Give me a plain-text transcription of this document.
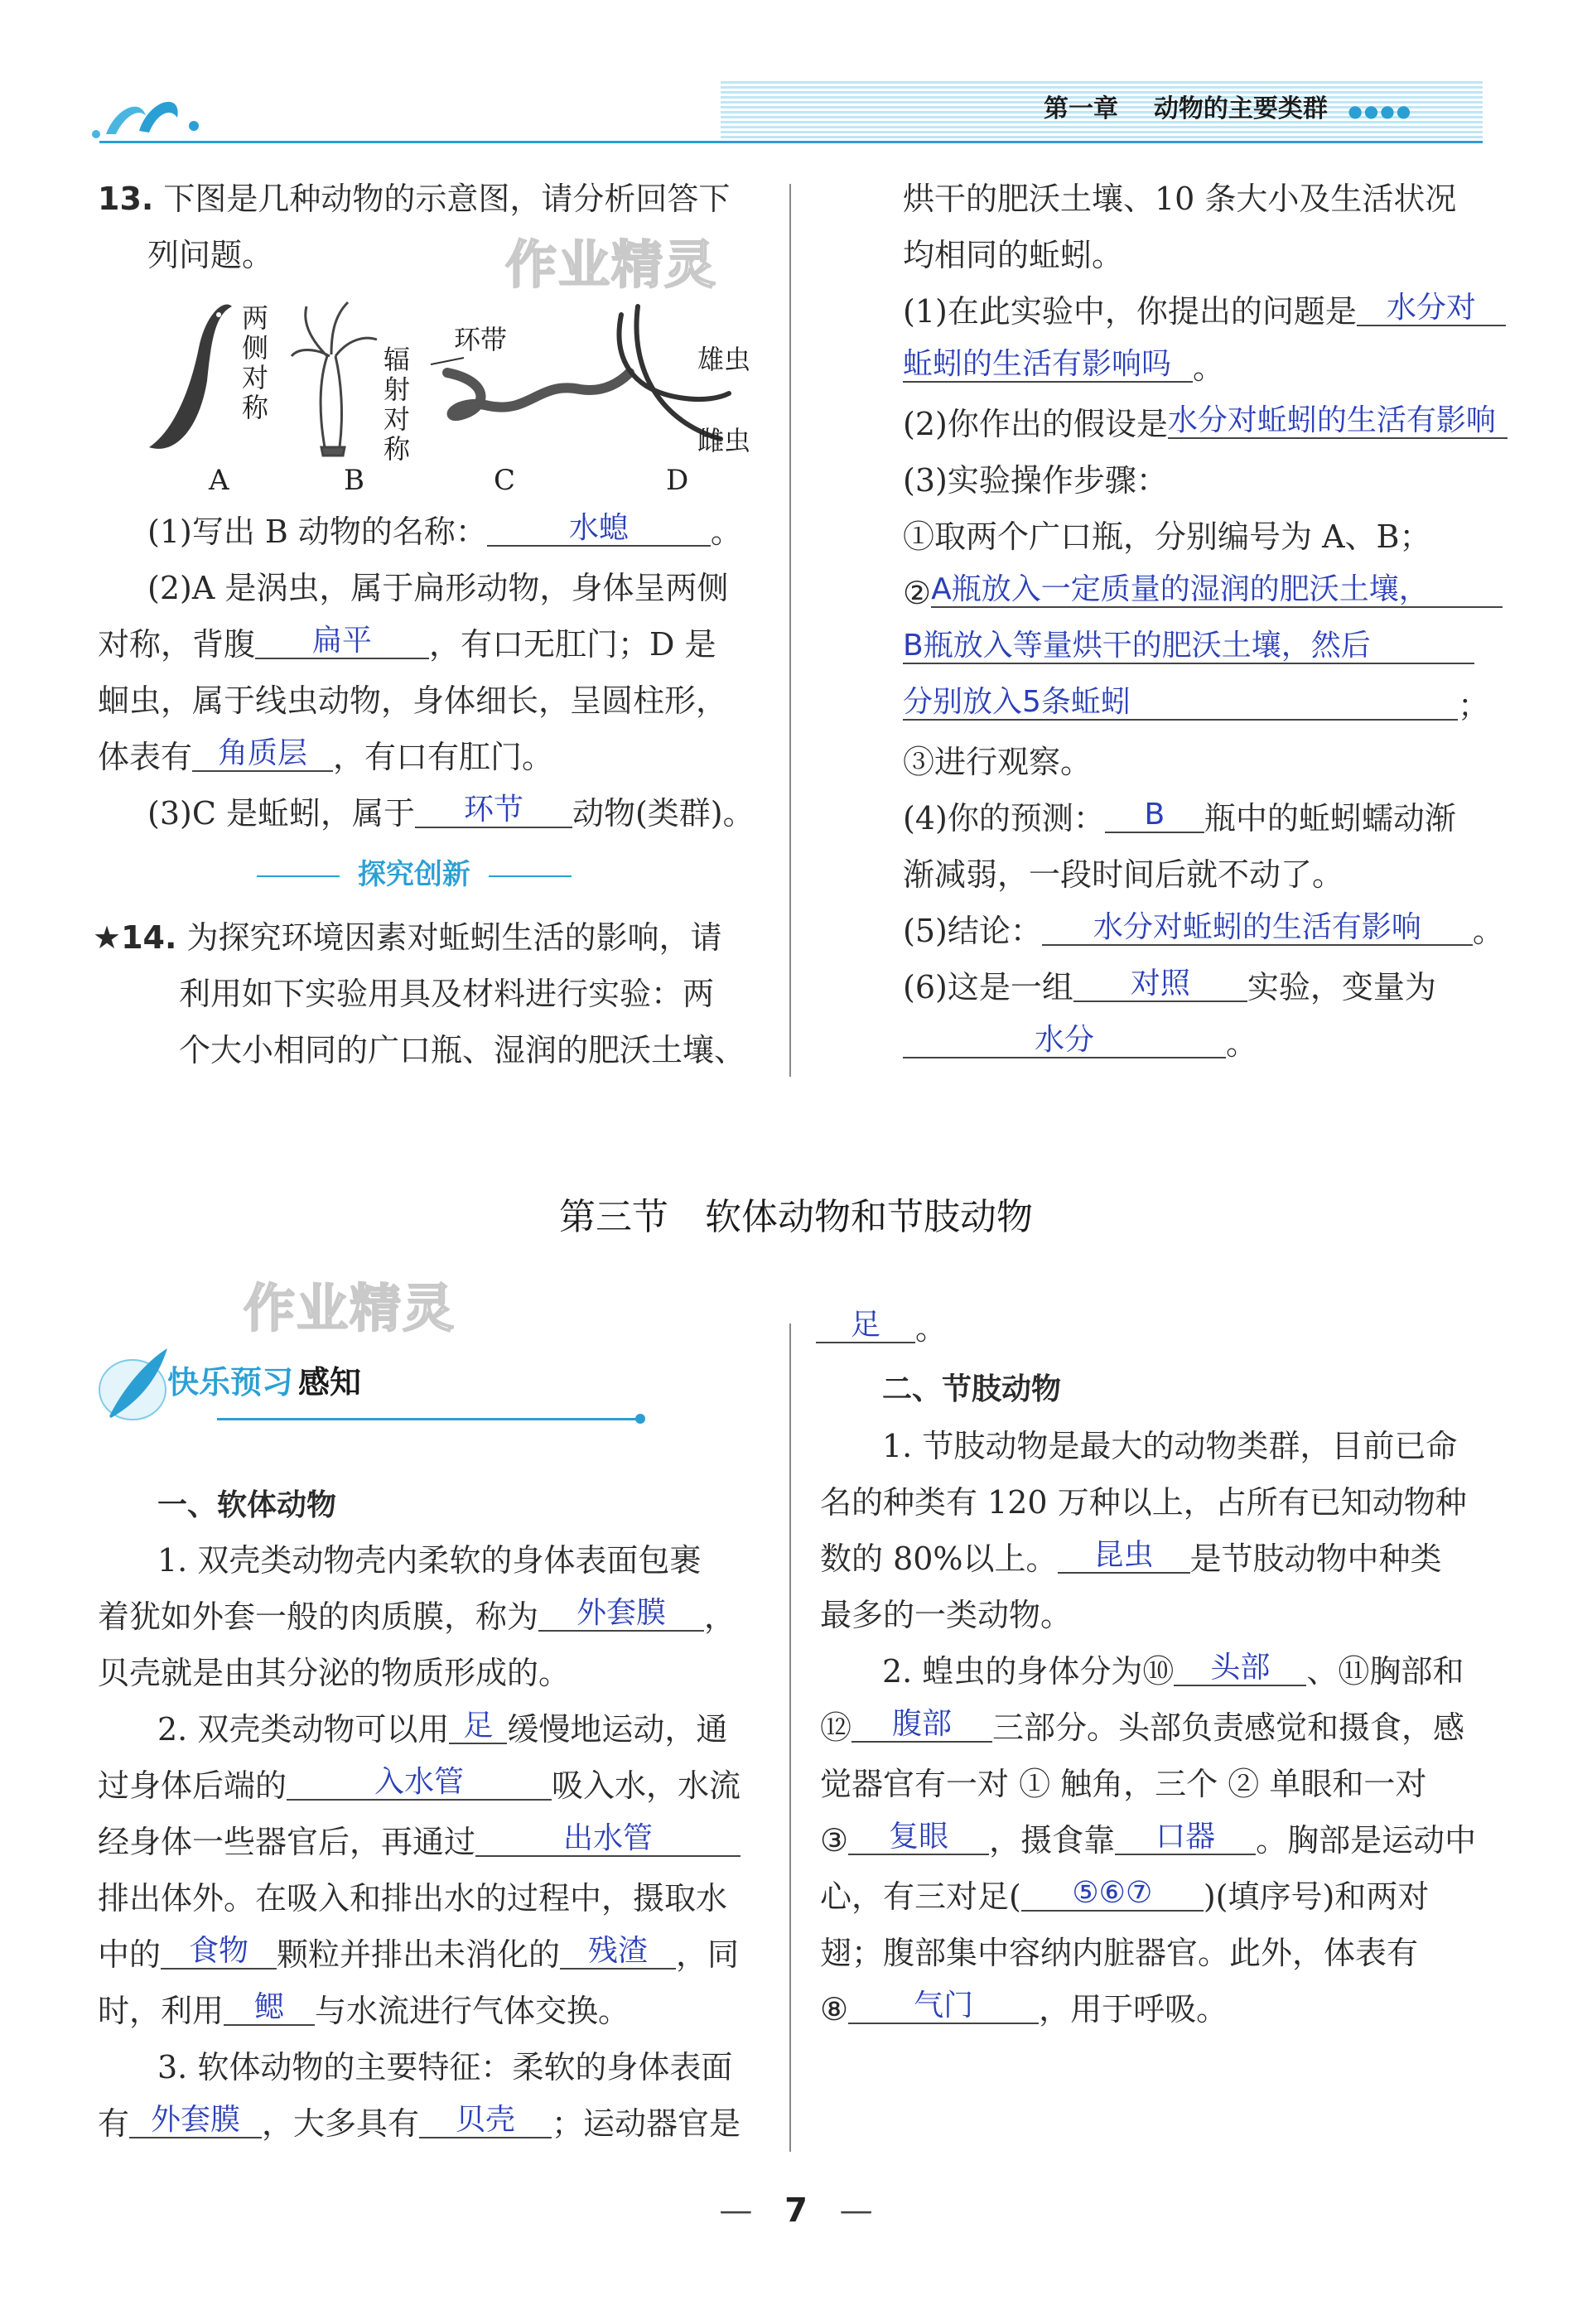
第一章 动物的主要类群 ●●●●
作业精灵
作业精灵
13. 下图是几种动物的示意图，请分析回答下
列问题。
两侧对称
辐射对称
环带
雄虫
雌虫
A	B	C	D
(1)写出 B 动物的名称：	水螅	。
(2)A 是涡虫，属于扁形动物，身体呈两侧
对称，背腹 扁平 ，有口无肛门；D 是
蛔虫，属于线虫动物，身体细长，呈圆柱形，
体表有 角质层 ，有口有肛门。
(3)C 是蚯蚓，属于 环节 动物(类群)。
探究创新
★14. 为探究环境因素对蚯蚓生活的影响，请
利用如下实验用具及材料进行实验：两
个大小相同的广口瓶、湿润的肥沃土壤、
烘干的肥沃土壤、10 条大小及生活状况
均相同的蚯蚓。
(1)在此实验中，你提出的问题是 水分对
蚯蚓的生活有影响吗 。
(2)你作出的假设是水分对蚯蚓的生活有影响
(3)实验操作步骤：
①取两个广口瓶，分别编号为 A、B；
②A瓶放入一定质量的湿润的肥沃土壤，
B瓶放入等量烘干的肥沃土壤，然后
分别放入5条蚯蚓	；
③进行观察。
(4)你的预测： B 瓶中的蚯蚓蠕动渐
渐减弱，一段时间后就不动了。
(5)结论： 水分对蚯蚓的生活有影响 。
(6)这是一组 对照 实验，变量为
水分	。
第三节　软体动物和节肢动物
快乐预习 感知
一、软体动物
1. 双壳类动物壳内柔软的身体表面包裹
着犹如外套一般的肉质膜，称为 外套膜 ，
贝壳就是由其分泌的物质形成的。
2. 双壳类动物可以用 足 缓慢地运动，通
过身体后端的	入水管	吸入水，水流
经身体一些器官后，再通过	出水管
排出体外。在吸入和排出水的过程中，摄取水
中的 食物 颗粒并排出未消化的 残渣 ，同
时，利用 鳃 与水流进行气体交换。
3. 软体动物的主要特征：柔软的身体表面
有 外套膜 ，大多具有 贝壳 ；运动器官是
足 。
二、节肢动物
1. 节肢动物是最大的动物类群，目前已命
名的种类有 120 万种以上，占所有已知动物种
数的 80%以上。 昆虫 是节肢动物中种类
最多的一类动物。
2. 蝗虫的身体分为⑩ 头部 、⑪胸部和
⑫ 腹部 三部分。头部负责感觉和摄食，感
觉器官有一对 ① 触角，三个 ② 单眼和一对
③ 复眼 ，摄食靠 口器 。胸部是运动中
心，有三对足( ⑤⑥⑦ )(填序号)和两对
翅；腹部集中容纳内脏器官。此外，体表有
⑧ 气门 ，用于呼吸。
— 7 —
